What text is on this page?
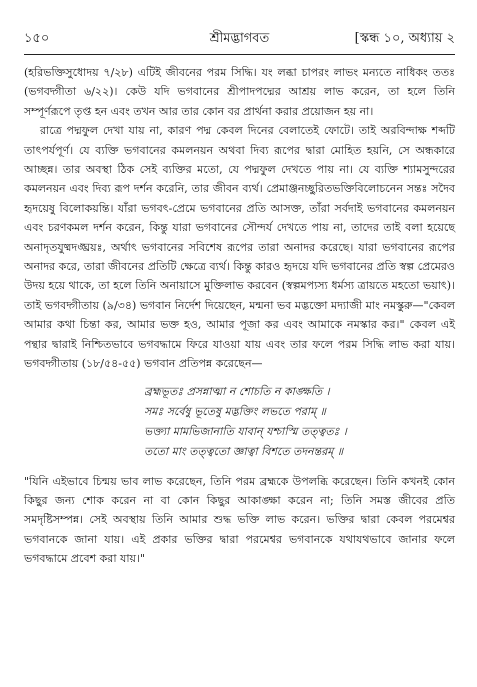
১৫০	শ্রীমদ্ভাগবত	[স্কন্ধ ১০, অধ্যায় ২

(হরিভক্তিসুধোদয় ৭/২৮) এটিই জীবনের পরম সিদ্ধি। যং লব্ধা চাপরং লাভং মন্যতে নাধিকং ততঃ (ভগবদ্গীতা ৬/২২)। কেউ যদি ভগবানের শ্রীপাদপদ্মের আশ্রয় লাভ করেন, তা হলে তিনি সম্পূর্ণরূপে তৃপ্ত হন এবং তখন আর তার কোন বর প্রার্থনা করার প্রয়োজন হয় না।

রাত্রে পদ্মফুল দেখা যায় না, কারণ পদ্ম কেবল দিনের বেলাতেই ফোটে। তাই অরবিন্দাক্ষ শব্দটি তাৎপর্যপূর্ণ। যে ব্যক্তি ভগবানের কমলনয়ন অথবা দিব্য রূপের দ্বারা মোহিত হয়নি, সে অন্ধকারে আচ্ছন্ন। তার অবস্থা ঠিক সেই ব্যক্তির মতো, যে পদ্মফুল দেখতে পায় না। যে ব্যক্তি শ্যামসুন্দরের কমলনয়ন এবং দিব্য রূপ দর্শন করেনি, তার জীবন ব্যর্থ। প্রেমাঞ্জনচ্ছুরিতভক্তিবিলোচনেন সন্তঃ সদৈব হৃদয়েষু বিলোকয়ন্তি। যাঁরা ভগবৎ-প্রেমে ভগবানের প্রতি আসক্ত, তাঁরা সর্বদাই ভগবানের কমলনয়ন এবং চরণকমল দর্শন করেন, কিন্তু যারা ভগবানের সৌন্দর্য দেখতে পায় না, তাদের তাই বলা হয়েছে অনাদৃতযুষ্মদঙ্ঘ্রয়ঃ, অর্থাৎ ভগবানের সবিশেষ রূপের তারা অনাদর করেছে। যারা ভগবানের রূপের অনাদর করে, তারা জীবনের প্রতিটি ক্ষেত্রে ব্যর্থ। কিন্তু কারও হৃদয়ে যদি ভগবানের প্রতি স্বল্প প্রেমেরও উদয় হয়ে থাকে, তা হলে তিনি অনায়াসে মুক্তিলাভ করবেন (স্বল্পমপ্যস্য ধর্মস্য ত্রায়তে মহতো ভয়াৎ)। তাই ভগবদ্গীতায় (৯/৩৪) ভগবান নির্দেশ দিয়েছেন, মন্মনা ভব মদ্ভক্তো মদ্যাজী মাং নমস্কুরু—"কেবল আমার কথা চিন্তা কর, আমার ভক্ত হও, আমার পূজা কর এবং আমাকে নমস্কার কর।" কেবল এই পন্থার দ্বারাই নিশ্চিতভাবে ভগবদ্ধামে ফিরে যাওয়া যায় এবং তার ফলে পরম সিদ্ধি লাভ করা যায়। ভগবদ্গীতায় (১৮/৫৪-৫৫) ভগবান প্রতিপন্ন করেছেন—

ব্রহ্মভূতঃ প্রসন্নাত্মা ন শোচতি ন কাঙ্ক্ষতি ।
সমঃ সর্বেষু ভূতেষু মদ্ভক্তিং লভতে পরাম্ ॥
ভক্ত্যা মামভিজানাতি যাবান্ যশ্চাস্মি তত্ত্বতঃ ।
ততো মাং তত্ত্বতো জ্ঞাত্বা বিশতে তদনন্তরম্ ॥

"যিনি এইভাবে চিন্ময় ভাব লাভ করেছেন, তিনি পরম ব্রহ্মকে উপলব্ধি করেছেন। তিনি কখনই কোন কিছুর জন্য শোক করেন না বা কোন কিছুর আকাঙ্ক্ষা করেন না; তিনি সমস্ত জীবের প্রতি সমদৃষ্টিসম্পন্ন। সেই অবস্থায় তিনি আমার শুদ্ধ ভক্তি লাভ করেন। ভক্তির দ্বারা কেবল পরমেশ্বর ভগবানকে জানা যায়। এই প্রকার ভক্তির দ্বারা পরমেশ্বর ভগবানকে যথাযথভাবে জানার ফলে ভগবদ্ধামে প্রবেশ করা যায়।"
